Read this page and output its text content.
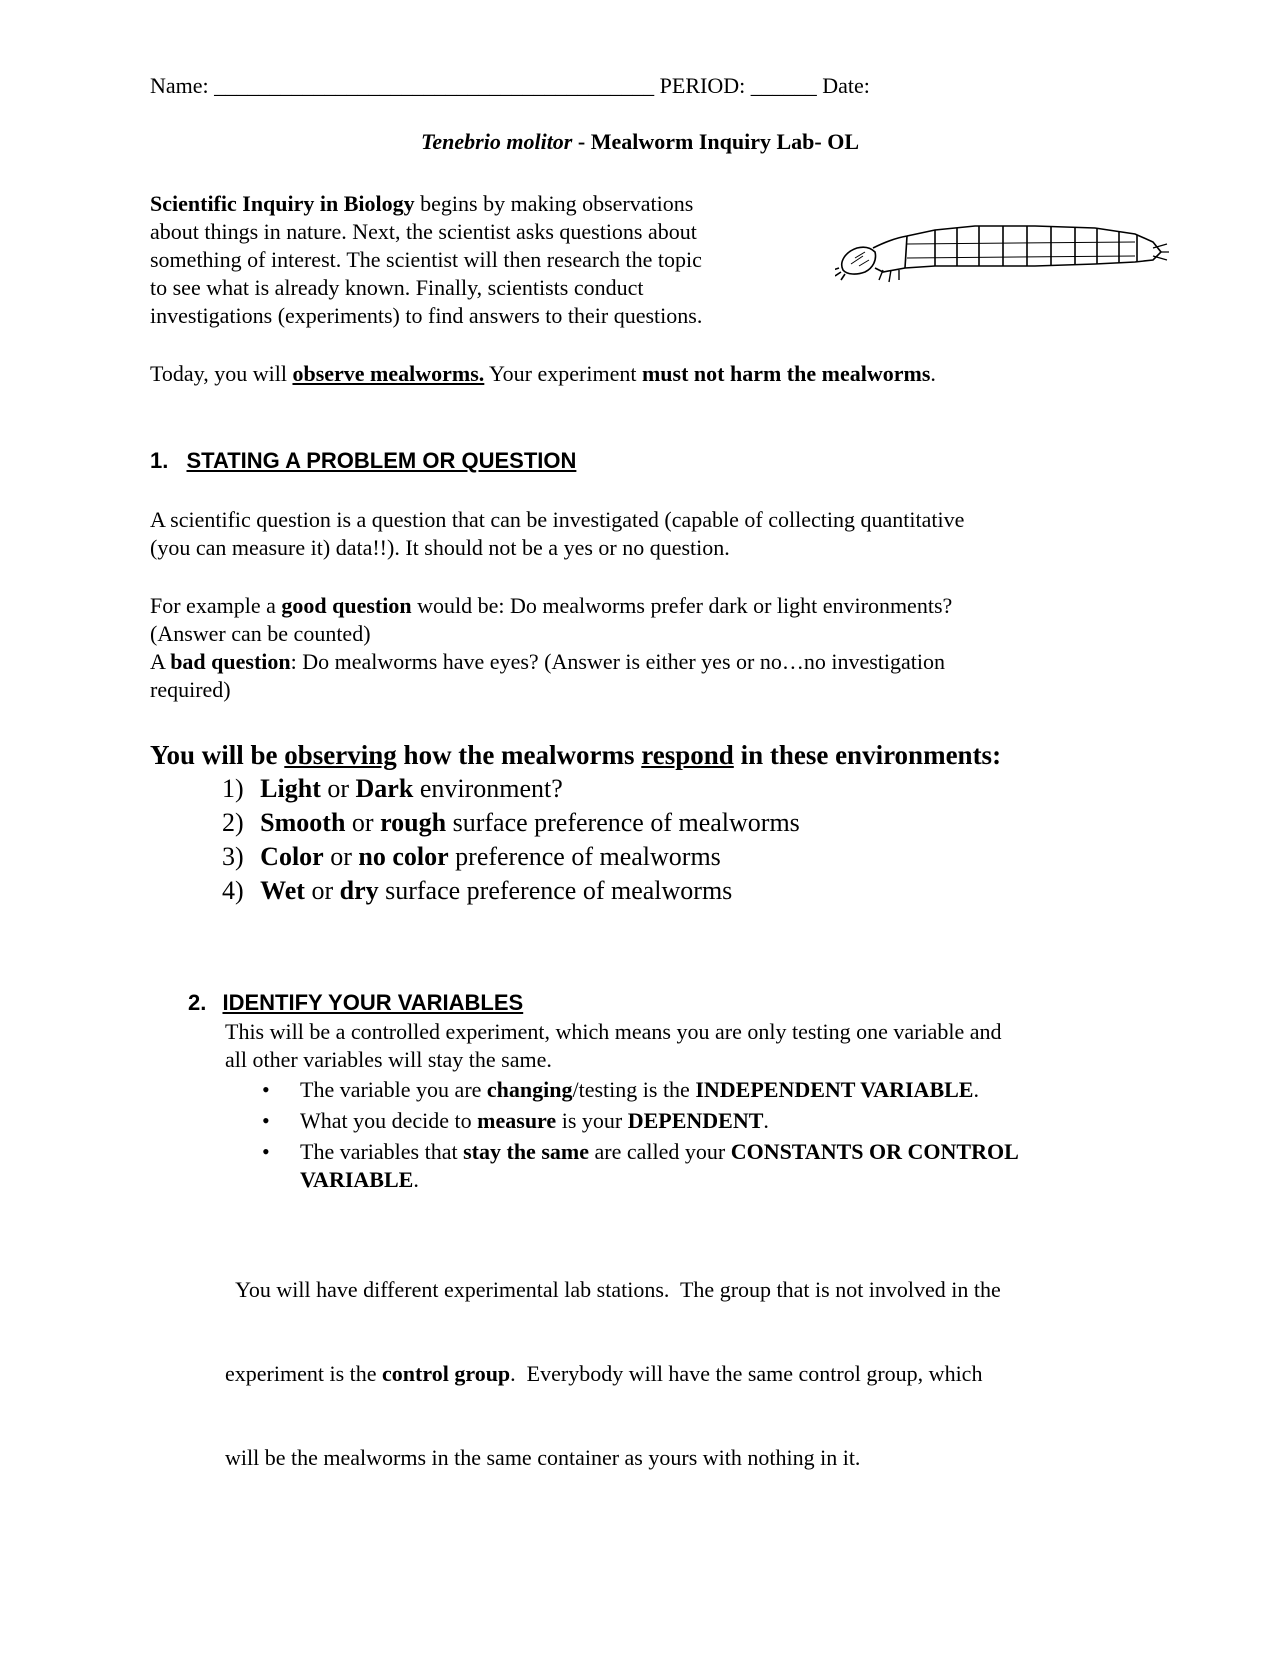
Name: ________________________________________ PERIOD: ______ Date:
Tenebrio molitor - Mealworm Inquiry Lab- OL
Scientific Inquiry in Biology begins by making observations
about things in nature. Next, the scientist asks questions about
something of interest. The scientist will then research the topic
to see what is already known. Finally, scientists conduct
investigations (experiments) to find answers to their questions.
Today, you will observe mealworms. Your experiment must not harm the mealworms.
1. STATING A PROBLEM OR QUESTION
A scientific question is a question that can be investigated (capable of collecting quantitative
(you can measure it) data!!). It should not be a yes or no question.
For example a good question would be: Do mealworms prefer dark or light environments?
(Answer can be counted)
A bad question: Do mealworms have eyes? (Answer is either yes or no…no investigation
required)
You will be observing how the mealworms respond in these environments:
1) Light or Dark environment?
2) Smooth or rough surface preference of mealworms
3) Color or no color preference of mealworms
4) Wet or dry surface preference of mealworms
2. IDENTIFY YOUR VARIABLES
This will be a controlled experiment, which means you are only testing one variable and
all other variables will stay the same.
•	The variable you are changing/testing is the INDEPENDENT VARIABLE.
•	What you decide to measure is your DEPENDENT.
•	The variables that stay the same are called your CONSTANTS OR CONTROL
VARIABLE.

You will have different experimental lab stations.  The group that is not involved in the

experiment is the control group.  Everybody will have the same control group, which

will be the mealworms in the same container as yours with nothing in it.
